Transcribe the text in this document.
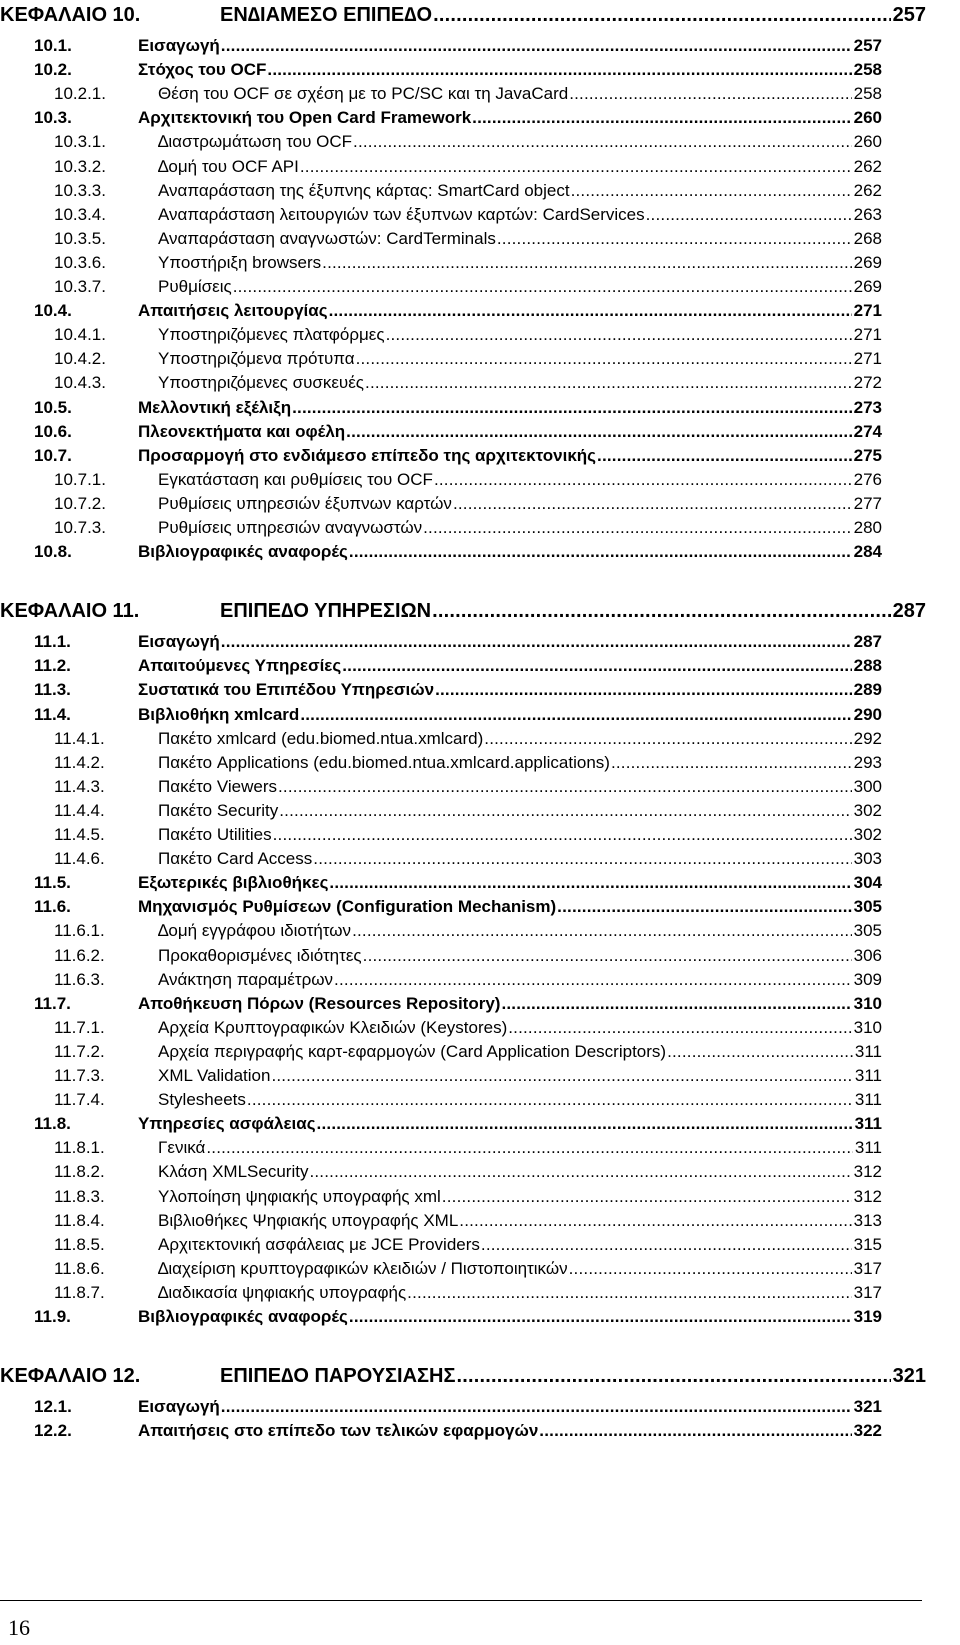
ΚΕΦΑΛΑΙΟ 10.	ΕΝ∆ΙΑΜΕΣΟ ΕΠΙΠΕ∆Ο .....	257
10.1.	Εισαγωγή .....	257
10.2.	Στόχος του OCF .....	258
10.2.1.	Θέση του OCF σε σχέση με το PC/SC και τη JavaCard .....	258
10.3.	Αρχιτεκτονική του Open Card Framework .....	260
10.3.1.	∆ιαστρωμάτωση του OCF .....	260
10.3.2.	∆ομή του OCF API .....	262
10.3.3.	Αναπαράσταση της έξυπνης κάρτας: SmartCard object .....	262
10.3.4.	Αναπαράσταση λειτουργιών των έξυπνων καρτών: CardServices .....	263
10.3.5.	Αναπαράσταση αναγνωστών: CardTerminals .....	268
10.3.6.	Υποστήριξη browsers .....	269
10.3.7.	Ρυθμίσεις .....	269
10.4.	Απαιτήσεις λειτουργίας .....	271
10.4.1.	Υποστηριζόμενες πλατφόρμες .....	271
10.4.2.	Υποστηριζόμενα πρότυπα .....	271
10.4.3.	Υποστηριζόμενες συσκευές .....	272
10.5.	Μελλοντική εξέλιξη .....	273
10.6.	Πλεονεκτήματα και οφέλη .....	274
10.7.	Προσαρμογή στο ενδιάμεσο επίπεδο της αρχιτεκτονικής .....	275
10.7.1.	Εγκατάσταση και ρυθμίσεις του OCF .....	276
10.7.2.	Ρυθμίσεις υπηρεσιών έξυπνων καρτών .....	277
10.7.3.	Ρυθμίσεις υπηρεσιών αναγνωστών .....	280
10.8.	Βιβλιογραφικές αναφορές .....	284
ΚΕΦΑΛΑΙΟ 11.	ΕΠΙΠΕ∆Ο ΥΠΗΡΕΣΙΩΝ .....	287
11.1.	Εισαγωγή .....	287
11.2.	Απαιτούμενες Υπηρεσίες .....	288
11.3.	Συστατικά του Επιπέδου Υπηρεσιών .....	289
11.4.	Βιβλιοθήκη xmlcard .....	290
11.4.1.	Πακέτο xmlcard (edu.biomed.ntua.xmlcard) .....	292
11.4.2.	Πακέτο Applications (edu.biomed.ntua.xmlcard.applications) .....	293
11.4.3.	Πακέτο Viewers .....	300
11.4.4.	Πακέτο Security .....	302
11.4.5.	Πακέτο Utilities .....	302
11.4.6.	Πακέτο Card Access .....	303
11.5.	Εξωτερικές βιβλιοθήκες .....	304
11.6.	Μηχανισμός Ρυθμίσεων (Configuration Mechanism) .....	305
11.6.1.	∆ομή εγγράφου ιδιοτήτων .....	305
11.6.2.	Προκαθορισμένες ιδιότητες .....	306
11.6.3.	Ανάκτηση παραμέτρων .....	309
11.7.	Αποθήκευση Πόρων (Resources Repository) .....	310
11.7.1.	Αρχεία Κρυπτογραφικών Κλειδιών (Keystores) .....	310
11.7.2.	Αρχεία περιγραφής καρτ-εφαρμογών (Card Application Descriptors) .....	311
11.7.3.	XML Validation .....	311
11.7.4.	Stylesheets .....	311
11.8.	Υπηρεσίες ασφάλειας .....	311
11.8.1.	Γενικά .....	311
11.8.2.	Κλάση XMLSecurity .....	312
11.8.3.	Υλοποίηση ψηφιακής υπογραφής xml .....	312
11.8.4.	Βιβλιοθήκες Ψηφιακής υπογραφής XML .....	313
11.8.5.	Αρχιτεκτονική ασφάλειας με JCE Providers .....	315
11.8.6.	∆ιαχείριση κρυπτογραφικών κλειδιών / Πιστοποιητικών .....	317
11.8.7.	∆ιαδικασία ψηφιακής υπογραφής .....	317
11.9.	Βιβλιογραφικές αναφορές .....	319
ΚΕΦΑΛΑΙΟ 12.	ΕΠΙΠΕ∆Ο ΠΑΡΟΥΣΙΑΣΗΣ .....	321
12.1.	Εισαγωγή .....	321
12.2.	Απαιτήσεις στο επίπεδο των τελικών εφαρμογών .....	322
16
